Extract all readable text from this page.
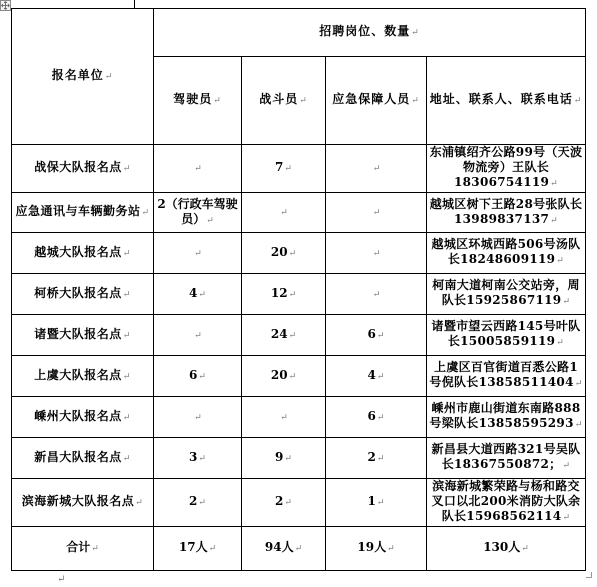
报名单位↵	招聘岗位、数量↵			
	驾驶员↵	战斗员↵	应急保障人员↵	地址、联系人、联系电话↵
战保大队报名点↵	↵	7↵	↵	东浦镇绍齐公路99号（天波物流旁）王队长18306754119↵
应急通讯与车辆勤务站↵	2（行政车驾驶员）↵	↵	↵	越城区树下王路28号张队长13989837137↵
越城大队报名点↵	↵	20↵	↵	越城区环城西路506号汤队长18248609119↵
柯桥大队报名点↵	4↵	12↵	↵	柯南大道柯南公交站旁，周队长15925867119↵
诸暨大队报名点↵	↵	24↵	6↵	诸暨市望云西路145号叶队长15005859119↵
上虞大队报名点↵	6↵	20↵	4↵	上虞区百官街道百悉公路1号倪队长13858511404↵
嵊州大队报名点↵	↵	↵	6↵	嵊州市鹿山街道东南路888号梁队长13858595293↵
新昌大队报名点↵	3↵	9↵	2↵	新昌县大道西路321号吴队长18367550872；↵
滨海新城大队报名点↵	2↵	2↵	1↵	滨海新城繁荣路与杨和路交叉口以北200米消防大队余队长15968562114↵
合计↵	17人↵	94人↵	19人↵	130人↵
↵
